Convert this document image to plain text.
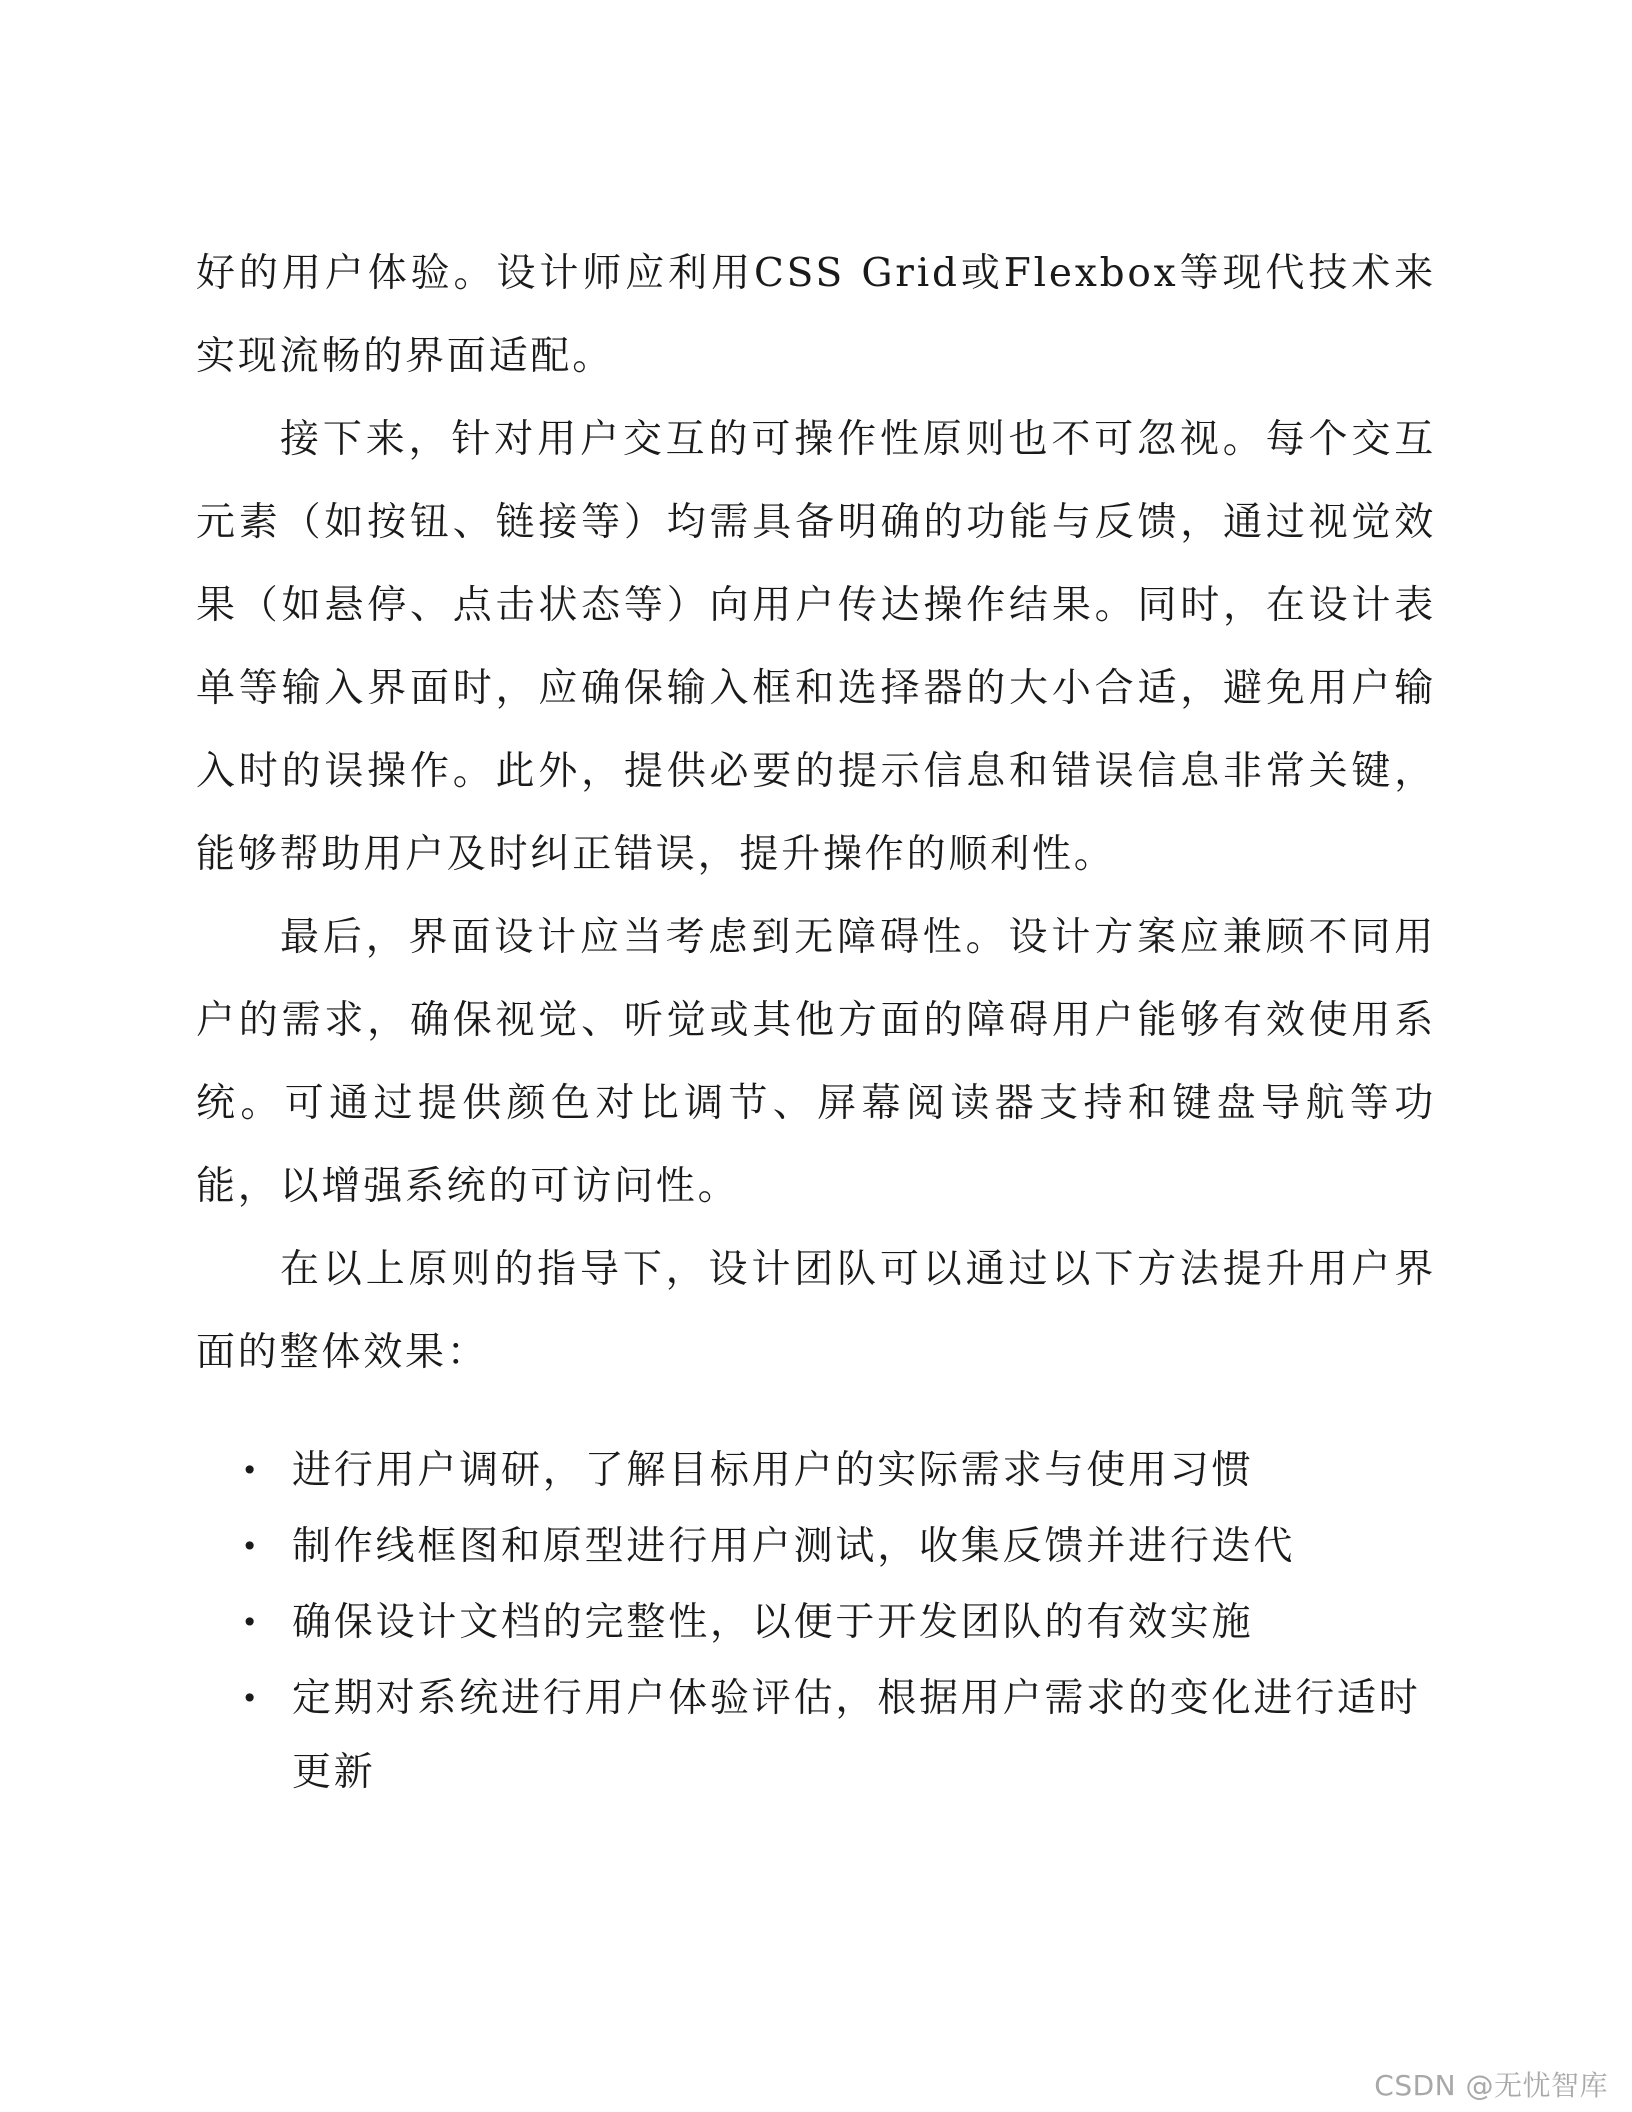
好的用户体验。设计师应利用CSS Grid或Flexbox等现代技术来实现流畅的界面适配。

接下来，针对用户交互的可操作性原则也不可忽视。每个交互元素（如按钮、链接等）均需具备明确的功能与反馈，通过视觉效果（如悬停、点击状态等）向用户传达操作结果。同时，在设计表单等输入界面时，应确保输入框和选择器的大小合适，避免用户输入时的误操作。此外，提供必要的提示信息和错误信息非常关键，能够帮助用户及时纠正错误，提升操作的顺利性。

最后，界面设计应当考虑到无障碍性。设计方案应兼顾不同用户的需求，确保视觉、听觉或其他方面的障碍用户能够有效使用系统。可通过提供颜色对比调节、屏幕阅读器支持和键盘导航等功能，以增强系统的可访问性。

在以上原则的指导下，设计团队可以通过以下方法提升用户界面的整体效果：

• 进行用户调研，了解目标用户的实际需求与使用习惯
• 制作线框图和原型进行用户测试，收集反馈并进行迭代
• 确保设计文档的完整性，以便于开发团队的有效实施
• 定期对系统进行用户体验评估，根据用户需求的变化进行适时更新
CSDN @无忧智库
